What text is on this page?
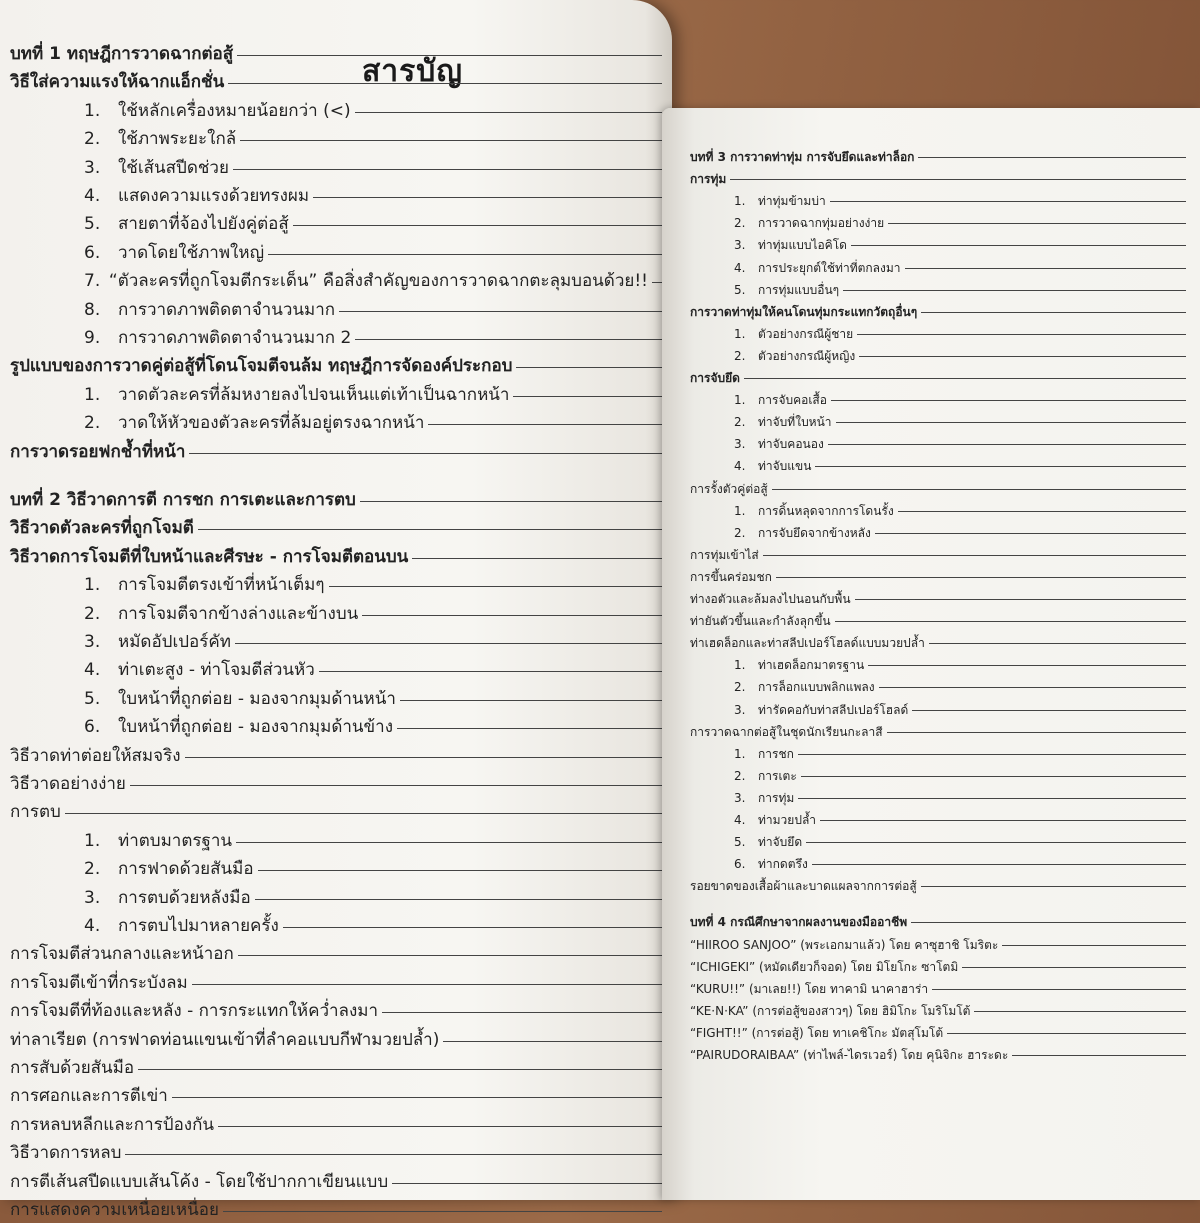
สารบัญ
บทที่ 1 ทฤษฎีการวาดฉากต่อสู้
วิธีใส่ความแรงให้ฉากแอ็กชั่น
1.	ใช้หลักเครื่องหมายน้อยกว่า (<)
2.	ใช้ภาพระยะใกล้
3.	ใช้เส้นสปีดช่วย
4.	แสดงความแรงด้วยทรงผม
5.	สายตาที่จ้องไปยังคู่ต่อสู้
6.	วาดโดยใช้ภาพใหญ่
7. “ตัวละครที่ถูกโจมตีกระเด็น” คือสิ่งสำคัญของการวาดฉากตะลุมบอนด้วย!!
8.	การวาดภาพติดตาจำนวนมาก
9.	การวาดภาพติดตาจำนวนมาก 2
รูปแบบของการวาดคู่ต่อสู้ที่โดนโจมตีจนล้ม ทฤษฎีการจัดองค์ประกอบ
1.	วาดตัวละครที่ล้มหงายลงไปจนเห็นแต่เท้าเป็นฉากหน้า
2.	วาดให้หัวของตัวละครที่ล้มอยู่ตรงฉากหน้า
การวาดรอยฟกช้ำที่หน้า
บทที่ 2 วิธีวาดการตี การชก การเตะและการตบ
วิธีวาดตัวละครที่ถูกโจมตี
วิธีวาดการโจมตีที่ใบหน้าและศีรษะ - การโจมตีตอนบน
1.	การโจมตีตรงเข้าที่หน้าเต็มๆ
2.	การโจมตีจากข้างล่างและข้างบน
3.	หมัดอัปเปอร์คัท
4.	ท่าเตะสูง - ท่าโจมตีส่วนหัว
5.	ใบหน้าที่ถูกต่อย - มองจากมุมด้านหน้า
6.	ใบหน้าที่ถูกต่อย - มองจากมุมด้านข้าง
วิธีวาดท่าต่อยให้สมจริง
วิธีวาดอย่างง่าย
การตบ
1.	ท่าตบมาตรฐาน
2.	การฟาดด้วยสันมือ
3.	การตบด้วยหลังมือ
4.	การตบไปมาหลายครั้ง
การโจมตีส่วนกลางและหน้าอก
การโจมตีเข้าที่กระบังลม
การโจมตีที่ท้องและหลัง - การกระแทกให้คว่ำลงมา
ท่าลาเรียต (การฟาดท่อนแขนเข้าที่ลำคอแบบกีฬามวยปล้ำ)
การสับด้วยสันมือ
การศอกและการตีเข่า
การหลบหลีกและการป้องกัน
วิธีวาดการหลบ
การตีเส้นสปีดแบบเส้นโค้ง - โดยใช้ปากกาเขียนแบบ
การแสดงความเหนื่อยเหนื่อย
บทที่ 3 การวาดท่าทุ่ม การจับยึดและท่าล็อก
การทุ่ม
1.	ท่าทุ่มข้ามบ่า
2.	การวาดฉากทุ่มอย่างง่าย
3.	ท่าทุ่มแบบไอคิโด
4.	การประยุกต์ใช้ท่าที่ตกลงมา
5.	การทุ่มแบบอื่นๆ
การวาดท่าทุ่มให้คนโดนทุ่มกระแทกวัตถุอื่นๆ
1.	ตัวอย่างกรณีผู้ชาย
2.	ตัวอย่างกรณีผู้หญิง
การจับยึด
1.	การจับคอเสื้อ
2.	ท่าจับที่ใบหน้า
3.	ท่าจับคอนอง
4.	ท่าจับแขน
การรั้งตัวคู่ต่อสู้
1.	การดิ้นหลุดจากการโดนรั้ง
2.	การจับยึดจากข้างหลัง
การทุ่มเข้าไส่
การขึ้นคร่อมชก
ท่างอตัวและล้มลงไปนอนกับพื้น
ท่ายันตัวขึ้นและกำลังลุกขึ้น
ท่าเฮดล็อกและท่าสลีปเปอร์โฮลด์แบบมวยปล้ำ
1.	ท่าเฮดล็อกมาตรฐาน
2.	การล็อกแบบพลิกแพลง
3.	ท่ารัดคอกับท่าสลีปเปอร์โฮลด์
การวาดฉากต่อสู้ในชุดนักเรียนกะลาสี
1.	การชก
2.	การเตะ
3.	การทุ่ม
4.	ท่ามวยปล้ำ
5.	ท่าจับยึด
6.	ท่ากดตรึง
รอยขาดของเสื้อผ้าและบาดแผลจากการต่อสู้
บทที่ 4 กรณีศึกษาจากผลงานของมืออาชีพ
“HIIROO SANJOO” (พระเอกมาแล้ว) โดย คาซุฮาชิ โมริตะ
“ICHIGEKI” (หมัดเดียวก็จอด) โดย มิโยโกะ ซาโตมิ
“KURU!!” (มาเลย!!) โดย ทาคามิ นาคาฮาร่า
“KE·N·KA” (การต่อสู้ของสาวๆ) โดย ฮิมิโกะ โมริโมโต้
“FIGHT!!” (การต่อสู้) โดย ทาเคชิโกะ มัตสุโมโต้
“PAIRUDORAIBAA” (ท่าไพล์-ไดรเวอร์) โดย คุนิจิกะ ฮาระดะ
